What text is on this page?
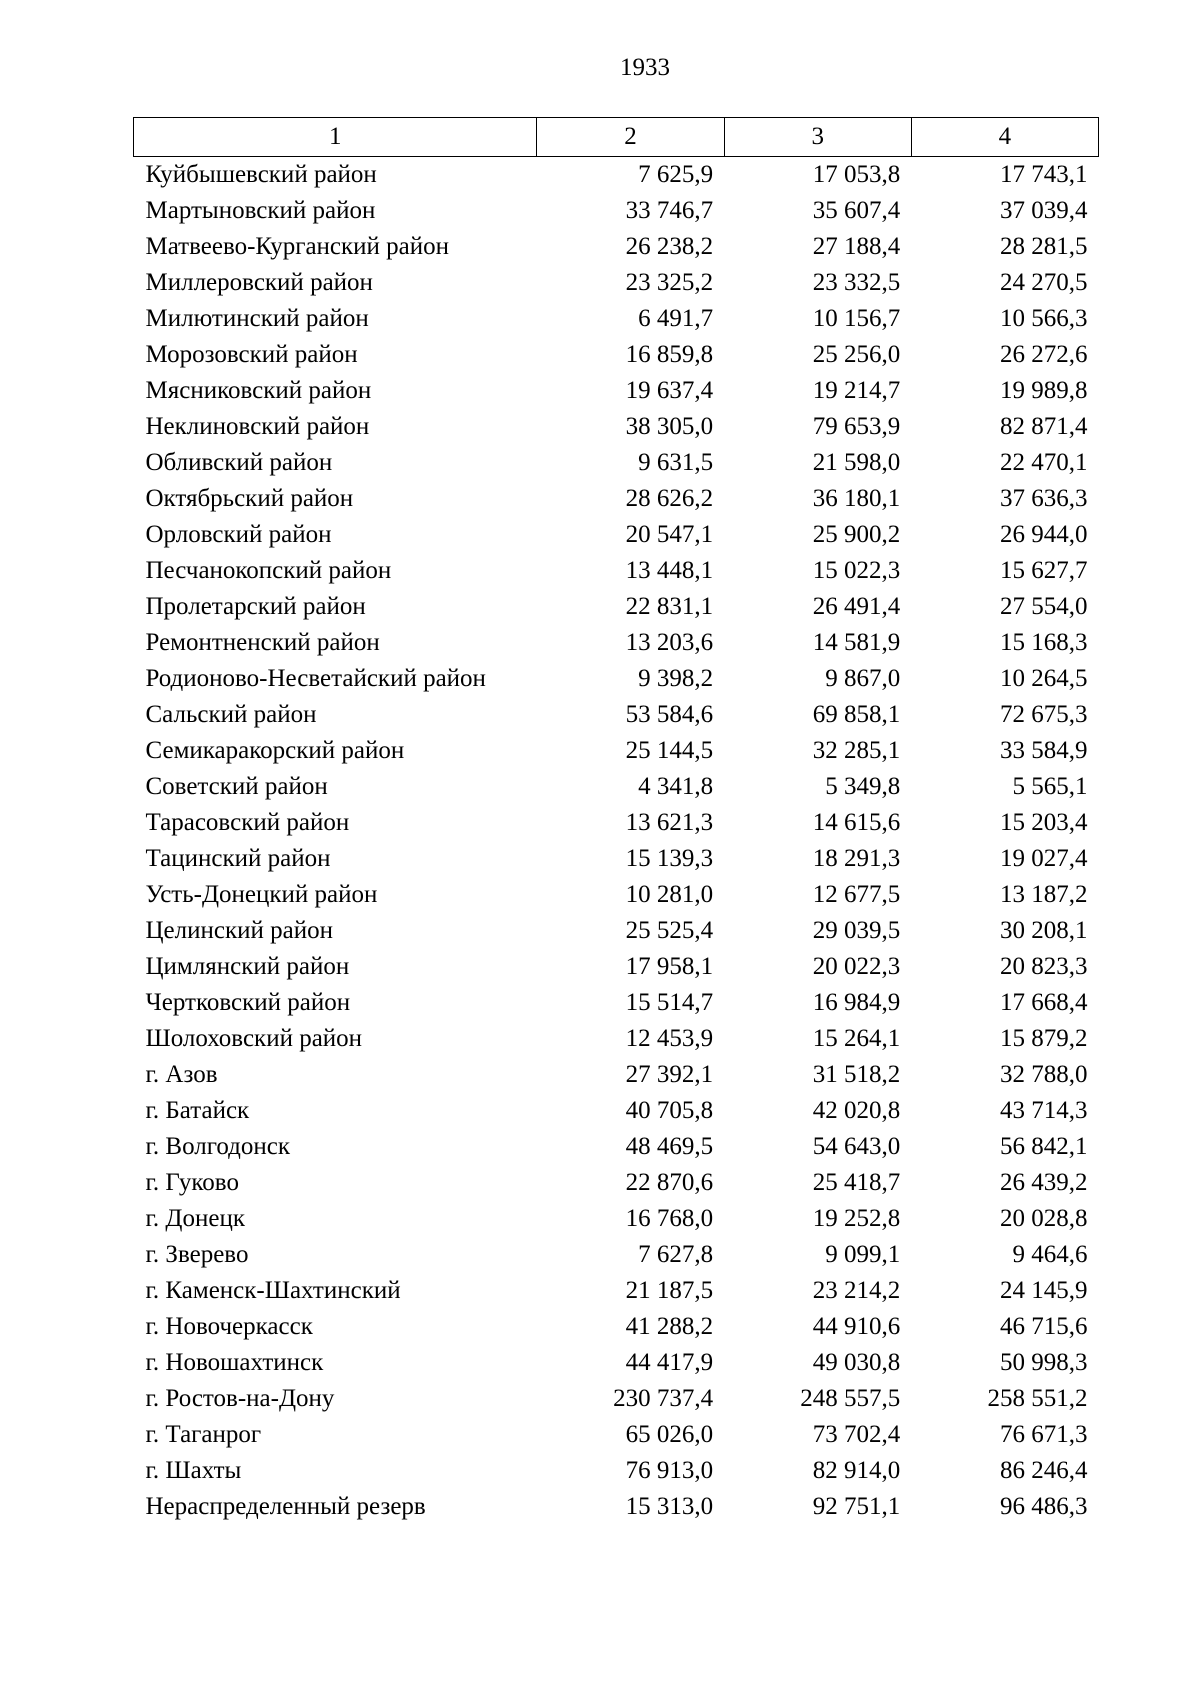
1933
1	2	3	4
Куйбышевский район	7 625,9	17 053,8	17 743,1
Мартыновский район	33 746,7	35 607,4	37 039,4
Матвеево-Курганский район	26 238,2	27 188,4	28 281,5
Миллеровский район	23 325,2	23 332,5	24 270,5
Милютинский район	6 491,7	10 156,7	10 566,3
Морозовский район	16 859,8	25 256,0	26 272,6
Мясниковский район	19 637,4	19 214,7	19 989,8
Неклиновский район	38 305,0	79 653,9	82 871,4
Обливский район	9 631,5	21 598,0	22 470,1
Октябрьский район	28 626,2	36 180,1	37 636,3
Орловский район	20 547,1	25 900,2	26 944,0
Песчанокопский район	13 448,1	15 022,3	15 627,7
Пролетарский район	22 831,1	26 491,4	27 554,0
Ремонтненский район	13 203,6	14 581,9	15 168,3
Родионово-Несветайский район	9 398,2	9 867,0	10 264,5
Сальский район	53 584,6	69 858,1	72 675,3
Семикаракорский район	25 144,5	32 285,1	33 584,9
Советский район	4 341,8	5 349,8	5 565,1
Тарасовский район	13 621,3	14 615,6	15 203,4
Тацинский район	15 139,3	18 291,3	19 027,4
Усть-Донецкий район	10 281,0	12 677,5	13 187,2
Целинский район	25 525,4	29 039,5	30 208,1
Цимлянский район	17 958,1	20 022,3	20 823,3
Чертковский район	15 514,7	16 984,9	17 668,4
Шолоховский район	12 453,9	15 264,1	15 879,2
г. Азов	27 392,1	31 518,2	32 788,0
г. Батайск	40 705,8	42 020,8	43 714,3
г. Волгодонск	48 469,5	54 643,0	56 842,1
г. Гуково	22 870,6	25 418,7	26 439,2
г. Донецк	16 768,0	19 252,8	20 028,8
г. Зверево	7 627,8	9 099,1	9 464,6
г. Каменск-Шахтинский	21 187,5	23 214,2	24 145,9
г. Новочеркасск	41 288,2	44 910,6	46 715,6
г. Новошахтинск	44 417,9	49 030,8	50 998,3
г. Ростов-на-Дону	230 737,4	248 557,5	258 551,2
г. Таганрог	65 026,0	73 702,4	76 671,3
г. Шахты	76 913,0	82 914,0	86 246,4
Нераспределенный резерв	15 313,0	92 751,1	96 486,3
